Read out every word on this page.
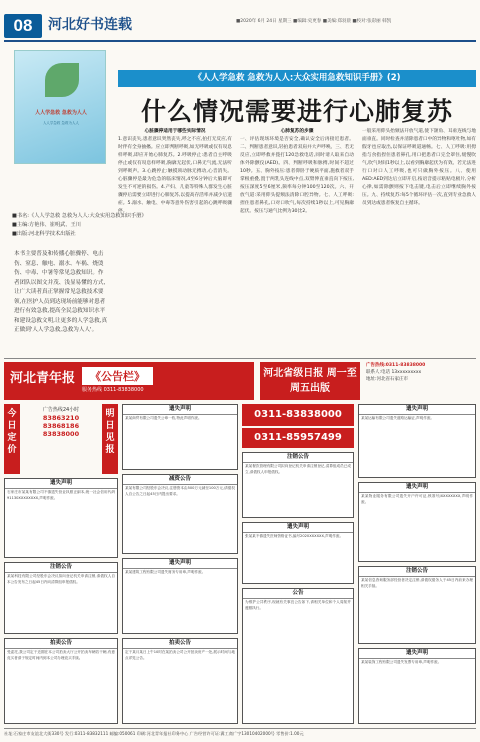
08	河北好书连载	■2020年 6月 24日 星期三 ■编辑:史更春 ■美编:郑羽晨 ■校对:张彩丽 韩凯
人人学急救 急救为人人
人人学急救 急救为人人
■书名:《人人学急救 急救为人人:大众实用急救知识手册》
■主编:方艳伟、崔明武、王川
■出版:河北科学技术出版社
本书主要普及和传播心脏骤停、电击伤、窒息、触电、溺水、车祸、烧烫伤、中毒、中暑等常见急救知识。作者团队以图文并茂、浅显易懂的方式,让广大读者真正掌握常见急救技术要领,在医护人员到达现场前能够对患者进行有效急救,提高全民急救知识水平和建设急救文明,让更多的人学急救,真正做到'人人学急救,急救为人人'。
《人人学急救 急救为人人:大众实用急救知识手册》(2)
什么情况需要进行心肺复苏
心脏骤停适用于哪些实际情况
1.意识丧失,患者意识突然丧失,呼之不应,拍打无反应,有时伴有全身抽搐。应立即判断呼吸,如无呼吸或仅有叹息样呼吸,即应开始心肺复苏。2.呼吸停止:患者自主呼吸停止或仅有叹息样呼吸,胸廓无起伏,口鼻无气流,无法听到呼吸声。3.心跳停止:触摸颈动脉无搏动,心音消失。心脏骤停是最为危急的临床情况,4至6分钟后大脑即可发生不可逆的损伤。4.产妇、儿童等特殊人群发生心脏骤停后需要立即进行心肺复苏,以提高存活率并减少后遗症。5.溺水、触电、中毒等意外伤害引起的心跳呼吸骤停。
心肺复苏的步骤
一、评估现场环境是否安全,确认安全后再接近患者。二、判断患者意识,轻拍患者双肩并大声呼唤。三、若无反应,立即呼救并拨打120急救电话,同时请人取来自动体外除颤仪(AED)。四、判断呼吸和脉搏,时间不超过10秒。五、胸外按压:患者仰卧于硬质平面,施救者双手掌根重叠,置于两乳头连线中点,双臂伸直垂直向下按压,按压深度5至6厘米,频率每分钟100至120次。六、开放气道:采用仰头提颏法清除口腔异物。七、人工呼吸:捏住患者鼻孔,口对口吹气,每次持续1秒以上,可见胸廓起伏。按压与通气比例为30比2。
一般采用仰头抬颏法开放气道,使下颌角、耳垂连线与地面垂直。同时检查并清除患者口中的异物和呕吐物,如有假牙也应取出,以保证呼吸道通畅。七、人工呼吸:用拇指与食指捏住患者鼻孔,用口把患者口完全罩住,缓慢吹气,吹气时间1秒以上,以看到胸廓起伏为有效。若无法进行口对口人工呼吸,也可只做胸外按压。八、使用AED:AED到达后立即开启,按语音提示粘贴电极片,分析心律,如需除颤则按下电击键,电击后立即继续胸外按压。九、持续复苏:每5个循环评估一次,直到专业急救人员到达或患者恢复自主循环。
河北青年报	《公告栏》
服务热线 0311-83838000
河北省级日报 周一至周五出版
广告热线:0311-83838000
联系人:电话 13xxxxxxxxx
地址:河北省石家庄市
今日定价
明日见报
广告热线24小时
83863210
83868186
83838000
遗失声明
石家庄市某某有限公司不慎遗失营业执照正副本,统一社会信用代码91130XXXXXXXX,声明作废。
注销公告
某某科技有限公司经股东会决议拟向登记机关申请注销,请债权人自本公告发布之日起45日内向清算组申报债权。
拍卖公告
受委托,我公司定于近期在本公司拍卖大厅公开拍卖车辆若干辆,有意竞买者请于规定时间内到本公司办理竞买手续。
遗失声明
某某商贸有限公司遗失公章一枚,特此声明作废。
减资公告
某某有限公司经股东会决议,注册资本由500万元减至100万元,请债权人自公告之日起45日内提出要求。
遗失声明
某某建筑工程有限公司遗失财务专用章,声明作废。
拍卖公告
定于某月某日上午10时在某拍卖公司公开拍卖房产一处,展示时间与地点详见公告。
0311-83838000
0311-85957499
注销公告
某某餐饮管理有限公司拟向登记机关申请注销登记,清算组成员已成立,请债权人申报债权。
遗失声明
张某某不慎遗失医师资格证书,编号2020XXXXXX,声明作废。
公告
为维护公共秩序,现就有关事宜公告如下,请相关单位和个人周知并遵照执行。
遗失声明
某某运输有限公司遗失道路运输证,声明作废。
遗失声明
某某物业服务有限公司遗失开户许可证,核准号JXXXXXXXX,声明作废。
注销公告
某某信息咨询服务部经营者决定注销,请债权债务人于45日内前来办理相关手续。
遗失声明
某某装饰工程有限公司遗失发票专用章,声明作废。
社址:石家庄市友谊北大街330号 发行:0311-83832111 邮编:050061 印刷:河北青年报社印务中心 广告经营许可证:冀工商广字13010402000号 零售价:1.00元
